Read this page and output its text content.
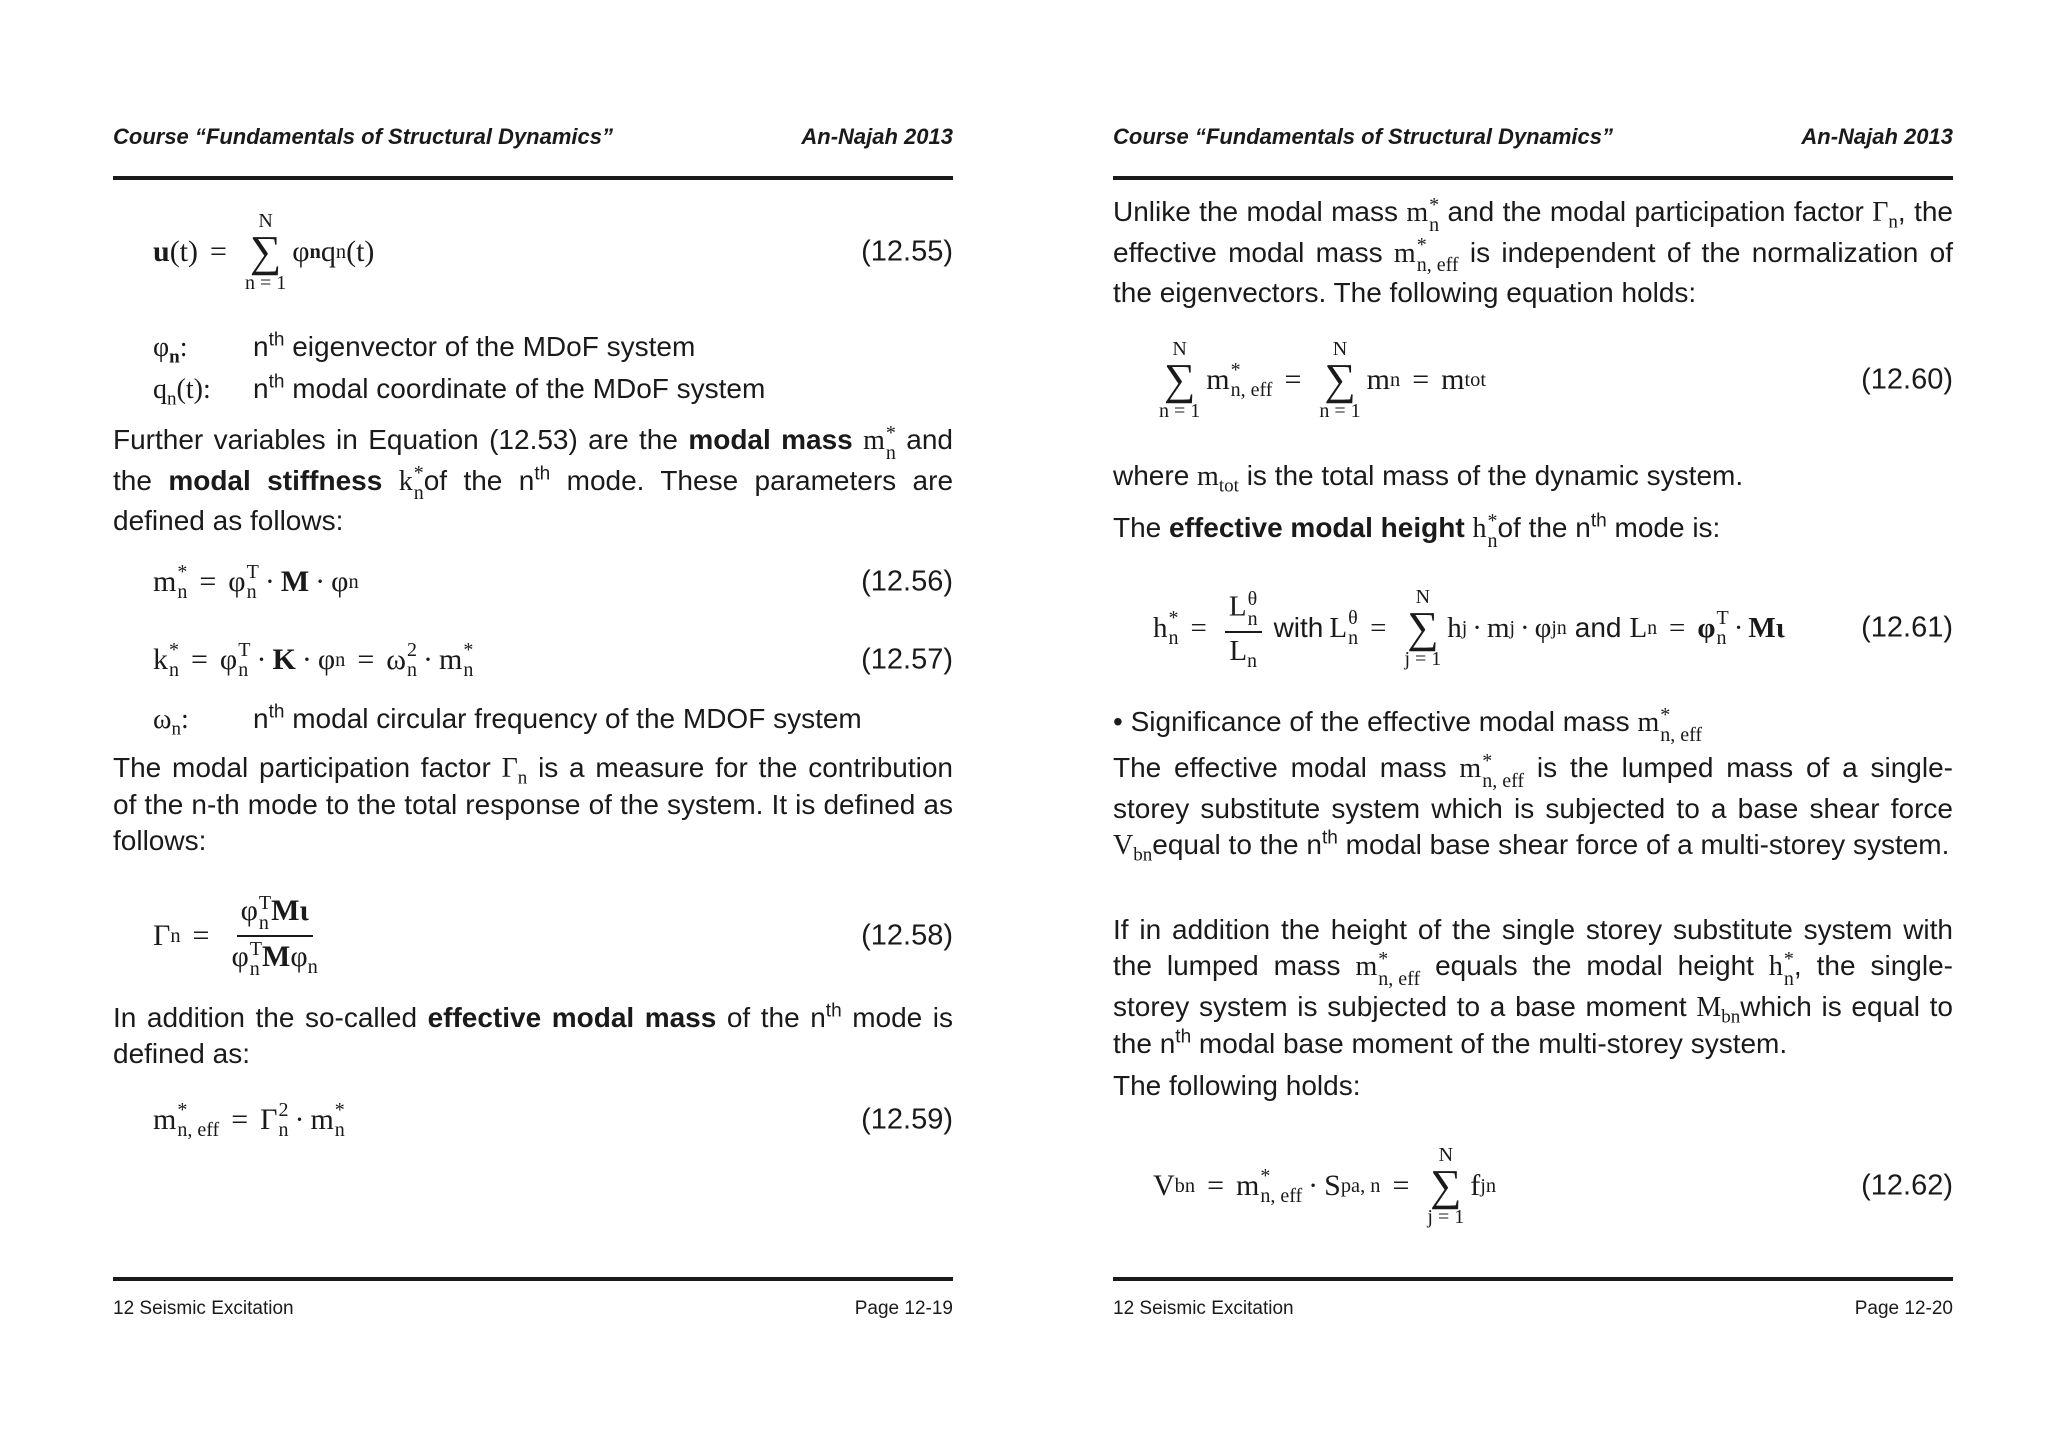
Course “Fundamentals of Structural Dynamics”	An-Najah 2013
u (t) =
N
∑
n = 1
φ n q n (t)	(12.55)
$\varphi_n$: $n^{th}$ eigenvector of the MDoF system
$q_n(t)$: $n^{th}$ modal coordinate of the MDoF system

Further variables in Equation (12.53) are the modal mass m *
n and the modal stiffness k *
n of the $n^{th}$ mode. These parameters are defined as follows:

m *
n = φ T
n · M · φ n	(12.56)
k *
n = φ T
n · K · φ n = ω 2
n · m *
n	(12.57)
$\omega_n$: $n^{th}$ modal circular frequency of the MDOF system

The modal participation factor $\Gamma_n$ is a measure for the contribution of the n-th mode to the total response of the system. It is defined as follows:

Γ n = φ T
n Mι
φ T
n $M\varphi_n$	(12.58)

In addition the so-called effective modal mass of the $n^{th}$ mode is defined as:

m *
n, eff = Γ 2
n · m *
n	(12.59)
12 Seismic Excitation	Page 12-19
Course “Fundamentals of Structural Dynamics”	An-Najah 2013

Unlike the modal mass m *
n and the modal participation factor $\Gamma_n$, the effective modal mass m *
n, eff is independent of the normalization of the eigenvectors. The following equation holds:

N
∑
n = 1
m *
n, eff =
N
∑
n = 1
m n = m tot	(12.60)

where $m_{tot}$ is the total mass of the dynamic system.

The effective modal height h *
n of the $n^{th}$ mode is:

h *
n = L θ
n
$L_n$ with L θ
n =
N
∑
j = 1
h j · m j · φ jn and L n = φ T
n · Mι	(12.61)

• Significance of the effective modal mass m *
n, eff

The effective modal mass m *
n, eff is the lumped mass of a single-storey substitute system which is subjected to a base shear force $V_{bn}equal$ to the $n^{th}$ modal base shear force of a multi-storey system.

If in addition the height of the single storey substitute system with the lumped mass m *
n, eff equals the modal height h *
n , the single-storey system is subjected to a base moment $M_{bn}which$ is equal to the $n^{th}$ modal base moment of the multi-storey system.

The following holds:

V bn = m *
n, eff · S pa, n =
N
∑
j = 1
f jn	(12.62)
12 Seismic Excitation	Page 12-20
